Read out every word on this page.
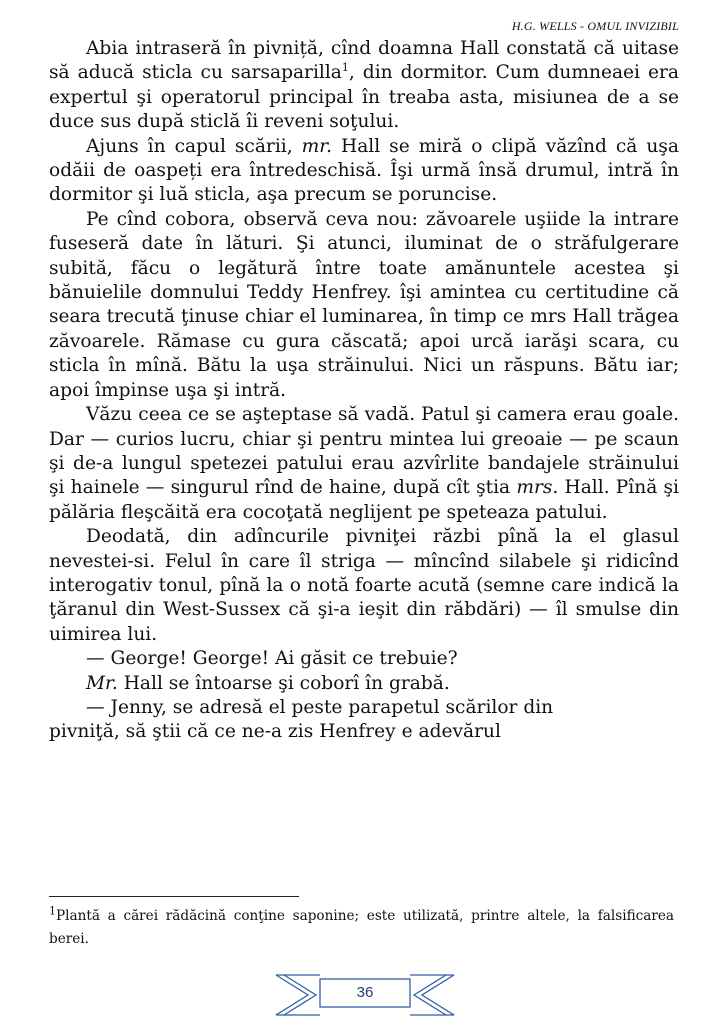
H.G. WELLS - OMUL INVIZIBIL

Abia intraseră în pivniță, cînd doamna Hall constată că uitase să aducă sticla cu sarsaparilla$^1$, din dormitor. Cum dumneaei era expertul şi operatorul principal în treaba asta, misiunea de a se duce sus după sticlă îi reveni soţului.

Ajuns în capul scării, mr. Hall se miră o clipă văzînd că uşa odăii de oaspeți era întredeschisă. Îşi urmă însă drumul, intră în dormitor şi luă sticla, aşa precum se poruncise.

Pe cînd cobora, observă ceva nou: zăvoarele uşiide la intrare fuseseră date în lături. Şi atunci, iluminat de o străfulgerare subită, făcu o legătură între toate amănuntele acestea şi bănuielile domnului Teddy Henfrey. îşi amintea cu certitudine că seara trecută ţinuse chiar el luminarea, în timp ce mrs Hall trăgea zăvoarele. Rămase cu gura căscată; apoi urcă iarăşi scara, cu sticla în mînă. Bătu la uşa străinului. Nici un răspuns. Bătu iar; apoi împinse uşa şi intră.

Văzu ceea ce se aşteptase să vadă. Patul şi camera erau goale. Dar — curios lucru, chiar şi pentru mintea lui greoaie — pe scaun şi de-a lungul spetezei patului erau azvîrlite bandajele străinului şi hainele — singurul rînd de haine, după cît ştia mrs. Hall. Pînă şi pălăria fleşcăită era cocoţată neglijent pe speteaza patului.

Deodată, din adîncurile pivniţei răzbi pînă la el glasul nevestei-si. Felul în care îl striga — mîncînd silabele şi ridicînd interogativ tonul, pînă la o notă foarte acută (semne care indică la ţăranul din West-Sussex că şi-a ieşit din răbdări) — îl smulse din uimirea lui.

— George! George! Ai găsit ce trebuie?

Mr. Hall se întoarse şi coborî în grabă.

— Jenny, se adresă el peste parapetul scărilor din

pivniţă, să ştii că ce ne-a zis Henfrey e adevărul

$^1$Plantă a cărei rădăcină conţine saponine; este utilizată, printre altele, la falsificarea berei.
36
